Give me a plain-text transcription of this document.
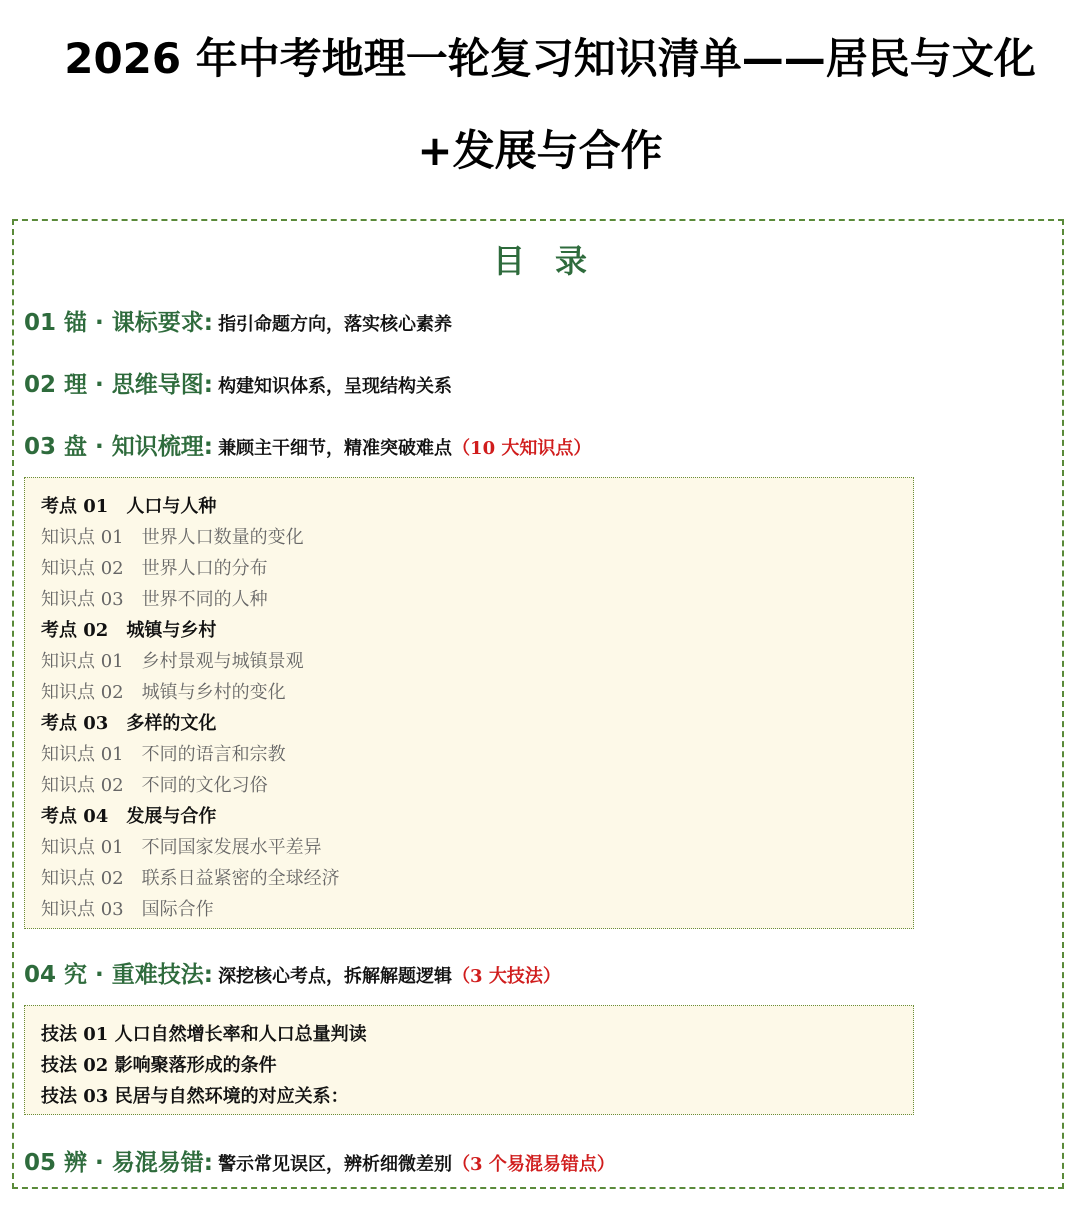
2026 年中考地理一轮复习知识清单——居民与文化
+发展与合作
目录
01 锚 · 课标要求: 指引命题方向，落实核心素养
02 理 · 思维导图: 构建知识体系，呈现结构关系
03 盘 · 知识梳理: 兼顾主干细节，精准突破难点（10 大知识点）
考点 01　人口与人种
知识点 01　世界人口数量的变化
知识点 02　世界人口的分布
知识点 03　世界不同的人种
考点 02　城镇与乡村
知识点 01　乡村景观与城镇景观
知识点 02　城镇与乡村的变化
考点 03　多样的文化
知识点 01　不同的语言和宗教
知识点 02　不同的文化习俗
考点 04　发展与合作
知识点 01　不同国家发展水平差异
知识点 02　联系日益紧密的全球经济
知识点 03　国际合作
04 究 · 重难技法: 深挖核心考点，拆解解题逻辑（3 大技法）
技法 01 人口自然增长率和人口总量判读
技法 02 影响聚落形成的条件
技法 03 民居与自然环境的对应关系：
05 辨 · 易混易错: 警示常见误区，辨析细微差别（3 个易混易错点）
